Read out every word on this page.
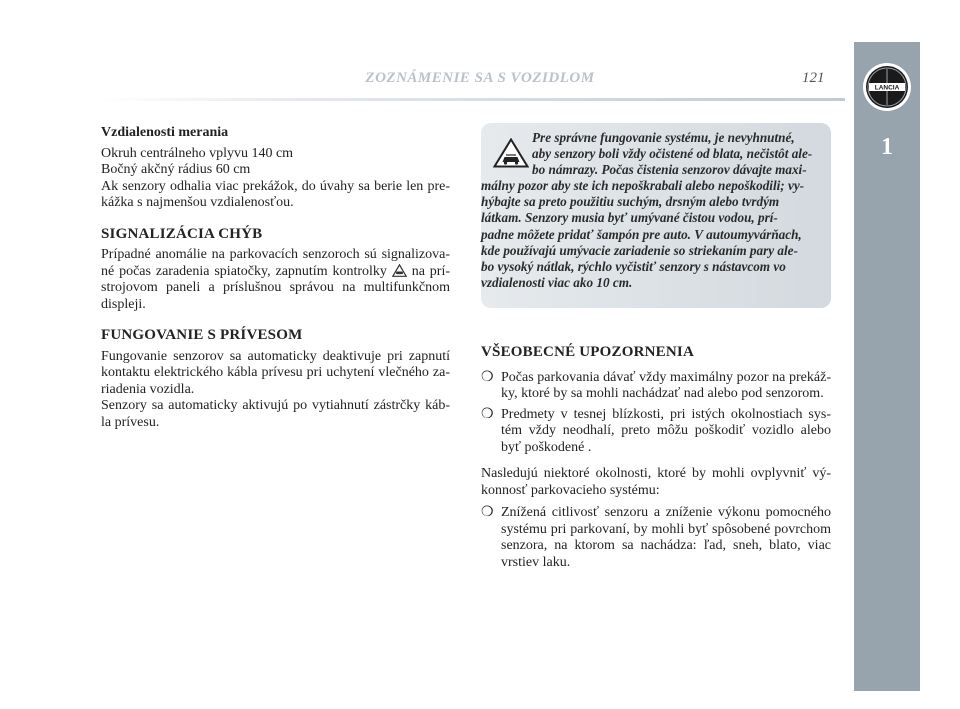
ZOZNÁMENIE SA S VOZIDLOM	121
LANCIA
1
Vzdialenosti merania

Okruh centrálneho vplyvu 140 cm

Bočný akčný rádius 60 cm

Ak senzory odhalia viac prekážok, do úvahy sa berie len pre-kážka s najmenšou vzdialenosťou.

SIGNALIZÁCIA CHÝB

Prípadné anomálie na parkovacích senzoroch sú signalizova-né počas zaradenia spiatočky, zapnutím kontrolky na prí-strojovom paneli a príslušnou správou na multifunkčnom displeji.

FUNGOVANIE S PRÍVESOM

Fungovanie senzorov sa automaticky deaktivuje pri zapnutí kontaktu elektrického kábla prívesu pri uchytení vlečného za-riadenia vozidla.

Senzory sa automaticky aktivujú po vytiahnutí zástrčky káb-la prívesu.

Pre správne fungovanie systému, je nevyhnutné,
aby senzory boli vždy očistené od blata, nečistôt ale-
bo námrazy. Počas čistenia senzorov dávajte maxi-
málny pozor aby ste ich nepoškrabali alebo nepoškodili; vy-
hýbajte sa preto použitiu suchým, drsným alebo tvrdým
látkam. Senzory musia byť umývané čistou vodou, prí-
padne môžete pridať šampón pre auto. V autoumyvárňach,
kde používajú umývacie zariadenie so striekaním pary ale-
bo vysoký nátlak, rýchlo vyčistiť senzory s nástavcom vo
vzdialenosti viac ako 10 cm.
VŠEOBECNÉ UPOZORNENIA
❍ Počas parkovania dávať vždy maximálny pozor na prekáž-ky, ktoré by sa mohli nachádzať nad alebo pod senzorom.
❍ Predmety v tesnej blízkosti, pri istých okolnostiach sys-tém vždy neodhalí, preto môžu poškodiť vozidlo alebo byť poškodené .

Nasledujú niektoré okolnosti, ktoré by mohli ovplyvniť vý-konnosť parkovacieho systému:

❍ Znížená citlivosť senzoru a zníženie výkonu pomocného systému pri parkovaní, by mohli byť spôsobené povrchom senzora, na ktorom sa nachádza: ľad, sneh, blato, viac vrstiev laku.
